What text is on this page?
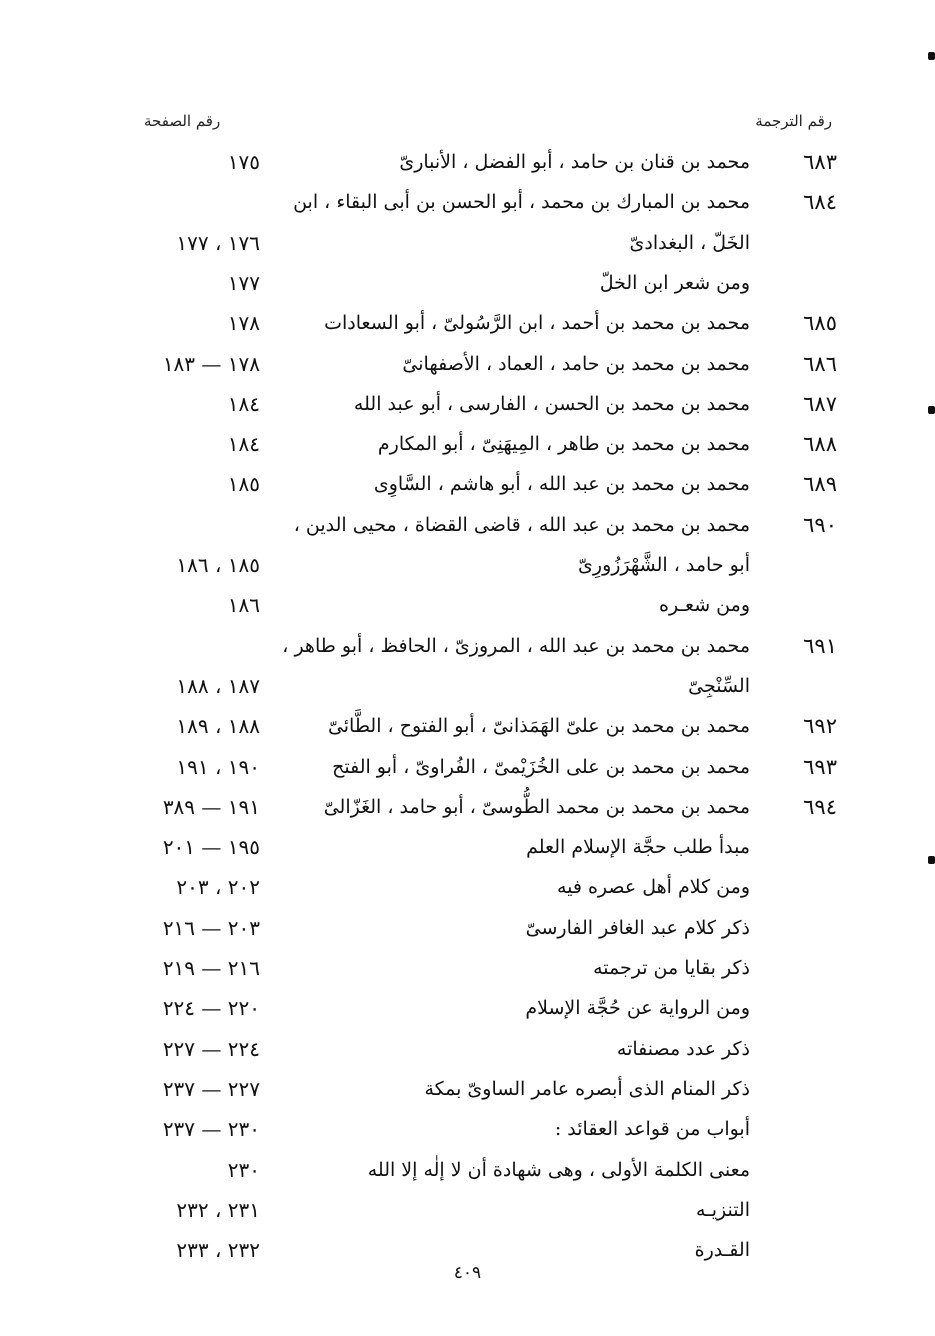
رقم الترجمة
رقم الصفحة
٦٨٣
محمد بن قنان بن حامد ، أبو الفضل ، الأنبارىّ
١٧٥
٦٨٤
محمد بن المبارك بن محمد ، أبو الحسن بن أبى البقاء ، ابن
الخَلّ ، البغدادىّ
١٧٦ ، ١٧٧
ومن شعر ابن الخلّ
١٧٧
٦٨٥
محمد بن محمد بن أحمد ، ابن الرَّسُولىّ ، أبو السعادات
١٧٨
٦٨٦
محمد بن محمد بن حامد ، العماد ، الأصفهانىّ
١٧٨ — ١٨٣
٦٨٧
محمد بن محمد بن الحسن ، الفارسى ، أبو عبد الله
١٨٤
٦٨٨
محمد بن محمد بن طاهر ، المِيهَنِىّ ، أبو المكارم
١٨٤
٦٨٩
محمد بن محمد بن عبد الله ، أبو هاشم ، السَّاوِى
١٨٥
٦٩٠
محمد بن محمد بن عبد الله ، قاضى القضاة ، محيى الدين ،
أبو حامد ، الشَّهْرَزُورِىّ
١٨٥ ، ١٨٦
ومن شعـره
١٨٦
٦٩١
محمد بن محمد بن عبد الله ، المروزىّ ، الحافظ ، أبو طاهر ،
السِّنْجِىّ
١٨٧ ، ١٨٨
٦٩٢
محمد بن محمد بن علىّ الهَمَذانىّ ، أبو الفتوح ، الطَّائىّ
١٨٨ ، ١٨٩
٦٩٣
محمد بن محمد بن على الخُزَيْمىّ ، الفُراوىّ ، أبو الفتح
١٩٠ ، ١٩١
٦٩٤
محمد بن محمد بن محمد الطُّوسىّ ، أبو حامد ، الغَزّالىّ
١٩١ — ٣٨٩
مبدأ طلب حجَّة الإسلام العلم
١٩٥ — ٢٠١
ومن كلام أهل عصره فيه
٢٠٢ ، ٢٠٣
ذكر كلام عبد الغافر الفارسىّ
٢٠٣ — ٢١٦
ذكر بقايا من ترجمته
٢١٦ — ٢١٩
ومن الرواية عن حُجَّة الإسلام
٢٢٠ — ٢٢٤
ذكر عدد مصنفاته
٢٢٤ — ٢٢٧
ذكر المنام الذى أبصره عامر الساوىّ بمكة
٢٢٧ — ٢٣٧
أبواب من قواعد العقائد :
٢٣٠ — ٢٣٧
معنى الكلمة الأولى ، وهى شهادة أن لا إلٰه إلا الله
٢٣٠
التنزيـه
٢٣١ ، ٢٣٢
القـدرة
٢٣٢ ، ٢٣٣
٤٠٩
